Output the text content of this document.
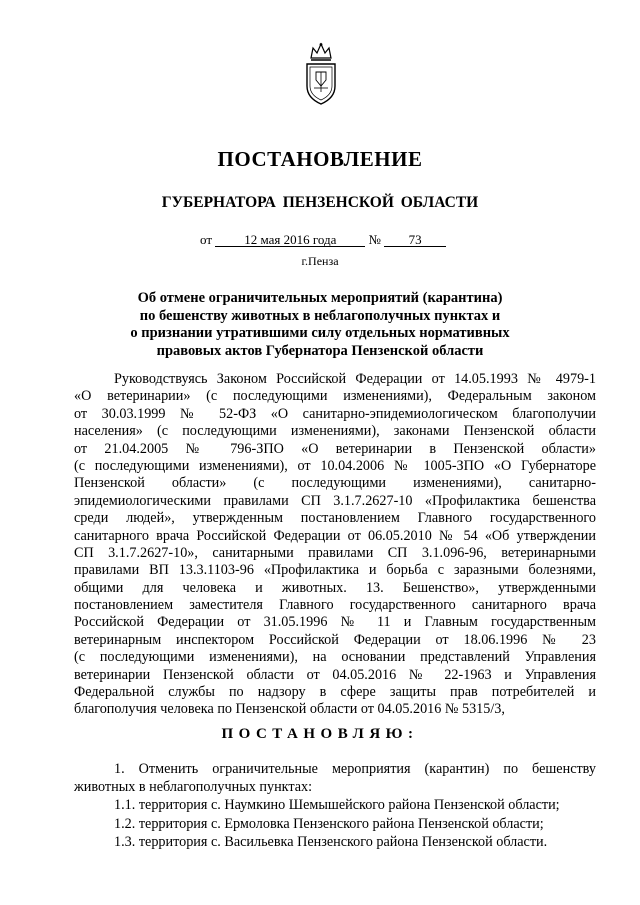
ПОСТАНОВЛЕНИЕ
ГУБЕРНАТОРА ПЕНЗЕНСКОЙ ОБЛАСТИ
от 12 мая 2016 года № 73
г.Пенза
Об отмене ограничительных мероприятий (карантина)
по бешенству животных в неблагополучных пунктах и
о признании утратившими силу отдельных нормативных
правовых актов Губернатора Пензенской области
Руководствуясь Законом Российской Федерации от 14.05.1993 № 4979-1
«О ветеринарии» (с последующими изменениями), Федеральным законом
от 30.03.1999 № 52-ФЗ «О санитарно-эпидемиологическом благополучии
населения» (с последующими изменениями), законами Пензенской области
от 21.04.2005 № 796-ЗПО «О ветеринарии в Пензенской области»
(с последующими изменениями), от 10.04.2006 № 1005-ЗПО «О Губернаторе
Пензенской области» (с последующими изменениями), санитарно-
эпидемиологическими правилами СП 3.1.7.2627-10 «Профилактика бешенства
среди людей», утвержденным постановлением Главного государственного
санитарного врача Российской Федерации от 06.05.2010 № 54 «Об утверждении
СП 3.1.7.2627-10», санитарными правилами СП 3.1.096-96, ветеринарными
правилами ВП 13.3.1103-96 «Профилактика и борьба с заразными болезнями,
общими для человека и животных. 13. Бешенство», утвержденными
постановлением заместителя Главного государственного санитарного врача
Российской Федерации от 31.05.1996 № 11 и Главным государственным
ветеринарным инспектором Российской Федерации от 18.06.1996 № 23
(с последующими изменениями), на основании представлений Управления
ветеринарии Пензенской области от 04.05.2016 № 22-1963 и Управления
Федеральной службы по надзору в сфере защиты прав потребителей и
благополучия человека по Пензенской области от 04.05.2016 № 5315/3,
ПОСТАНОВЛЯЮ:
1. Отменить ограничительные мероприятия (карантин) по бешенству
животных в неблагополучных пунктах:
1.1. территория с. Наумкино Шемышейского района Пензенской области;
1.2. территория с. Ермоловка Пензенского района Пензенской области;
1.3. территория с. Васильевка Пензенского района Пензенской области.
